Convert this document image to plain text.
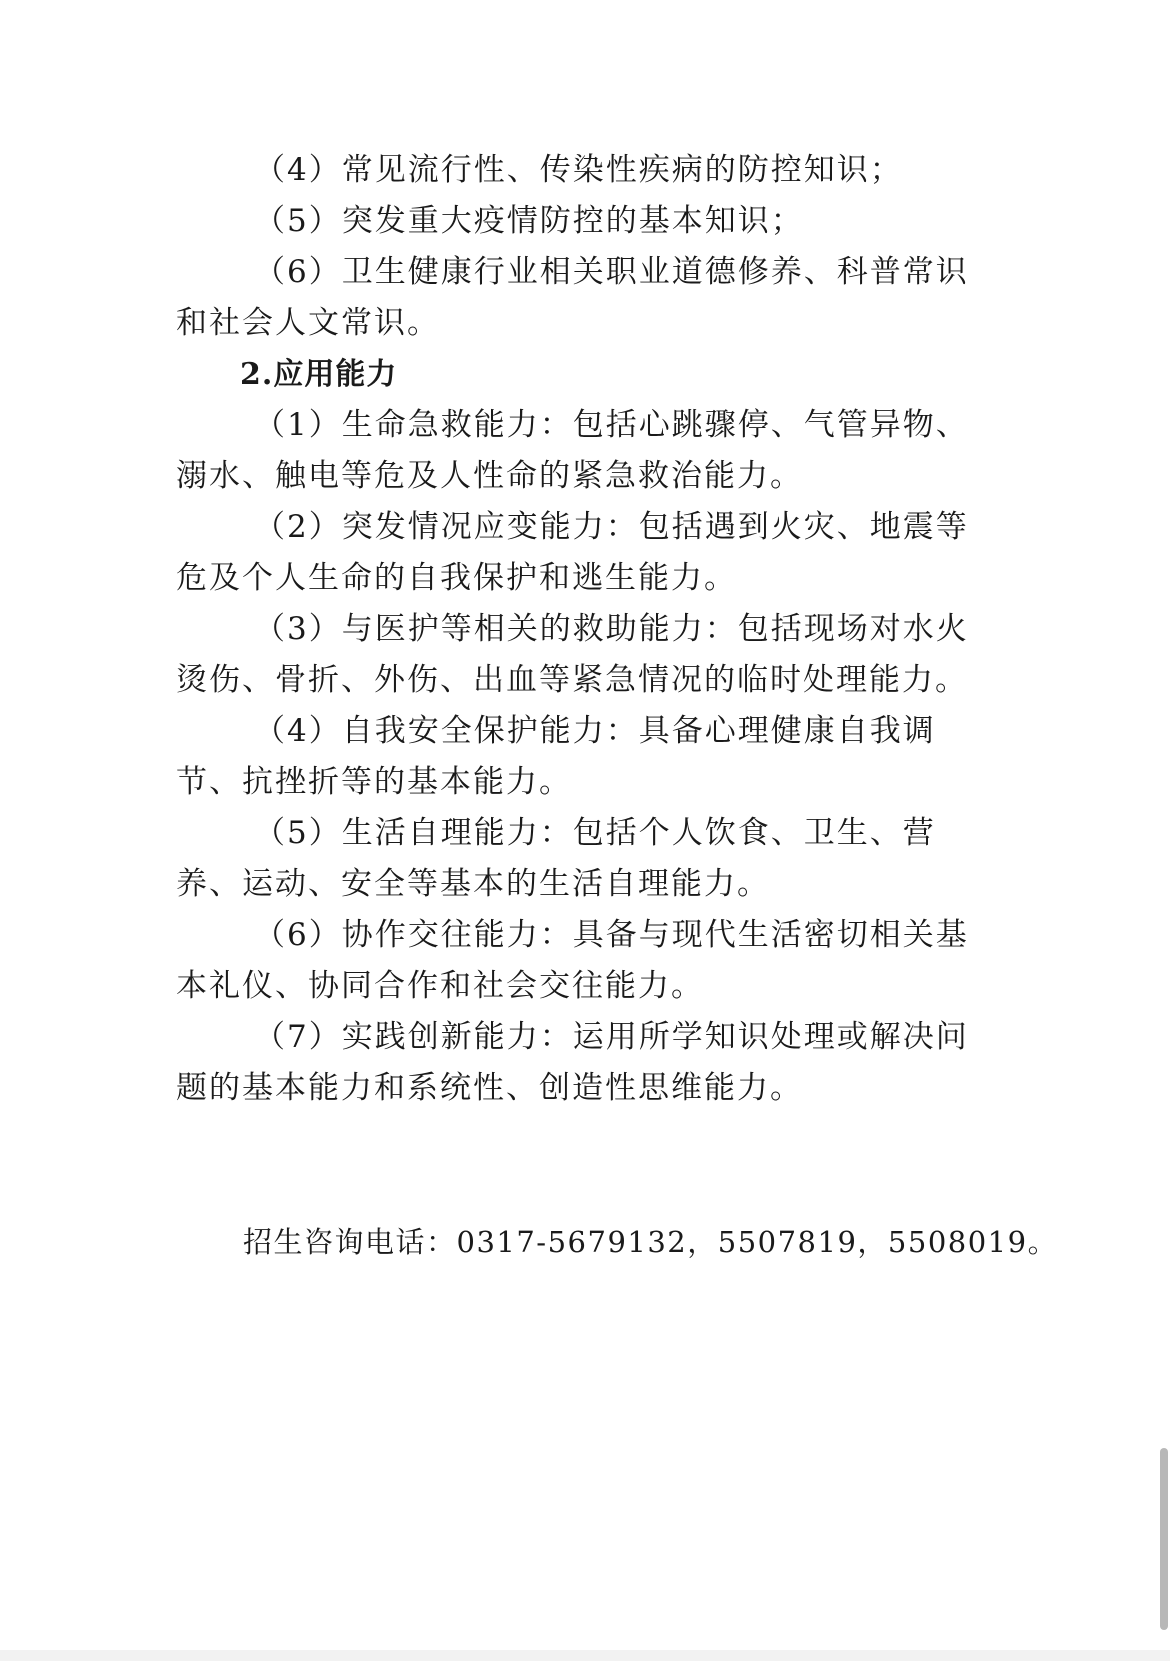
（4）常见流行性、传染性疾病的防控知识；

（5）突发重大疫情防控的基本知识；

（6）卫生健康行业相关职业道德修养、科普常识和社会人文常识。

2.应用能力

（1）生命急救能力：包括心跳骤停、气管异物、溺水、触电等危及人性命的紧急救治能力。

（2）突发情况应变能力：包括遇到火灾、地震等危及个人生命的自我保护和逃生能力。

（3）与医护等相关的救助能力：包括现场对水火烫伤、骨折、外伤、出血等紧急情况的临时处理能力。

（4）自我安全保护能力：具备心理健康自我调节、抗挫折等的基本能力。

（5）生活自理能力：包括个人饮食、卫生、营养、运动、安全等基本的生活自理能力。

（6）协作交往能力：具备与现代生活密切相关基本礼仪、协同合作和社会交往能力。

（7）实践创新能力：运用所学知识处理或解决问题的基本能力和系统性、创造性思维能力。

招生咨询电话：0317-5679132，5507819，5508019。
